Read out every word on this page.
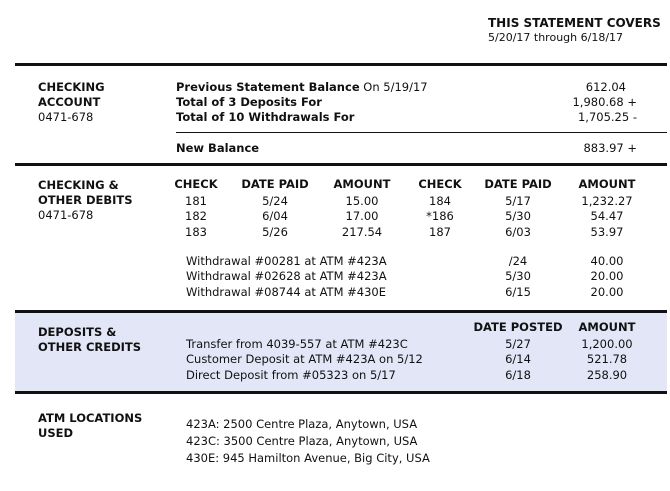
THIS STATEMENT COVERS
5/20/17 through 6/18/17
CHECKING
ACCOUNT
0471-678
Previous Statement Balance On 5/19/17	612.04
Total of 3 Deposits For	1,980.68 +
Total of 10 Withdrawals For	1,705.25 -
New Balance	883.97 +
CHECKING &
OTHER DEBITS
0471-678
CHECK	DATE PAID	AMOUNT	CHECK	DATE PAID	AMOUNT
181	5/24	15.00	184	5/17	1,232.27
182	6/04	17.00	*186	5/30	54.47
183	5/26	217.54	187	6/03	53.97
Withdrawal #00281 at ATM #423A	/24	40.00
Withdrawal #02628 at ATM #423A	5/30	20.00
Withdrawal #08744 at ATM #430E	6/15	20.00
DEPOSITS &
OTHER CREDITS
DATE POSTED	AMOUNT
Transfer from 4039-557 at ATM #423C	5/27	1,200.00
Customer Deposit at ATM #423A on 5/12	6/14	521.78
Direct Deposit from #05323 on 5/17	6/18	258.90
ATM LOCATIONS
USED
423A: 2500 Centre Plaza, Anytown, USA
423C: 3500 Centre Plaza, Anytown, USA
430E: 945 Hamilton Avenue, Big City, USA
